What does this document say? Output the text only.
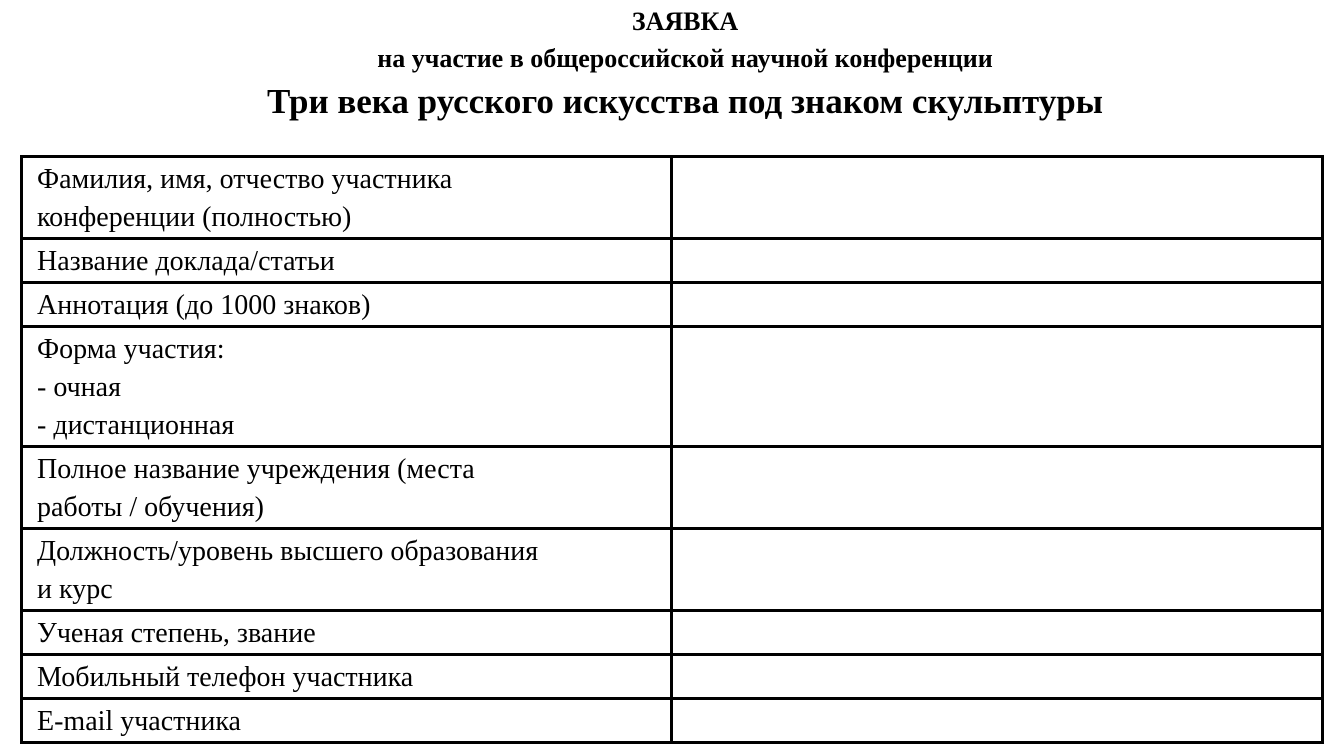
ЗАЯВКА
на участие в общероссийской научной конференции
Три века русского искусства под знаком скульптуры
Фамилия, имя, отчество участника
конференции (полностью)	

Название доклада/статьи	

Аннотация (до 1000 знаков)	

Форма участия:
- очная
- дистанционная	

Полное название учреждения (места
работы / обучения)	

Должность/уровень высшего образования
и курс	

Ученая степень, звание	

Мобильный телефон участника	

E-mail участника	
